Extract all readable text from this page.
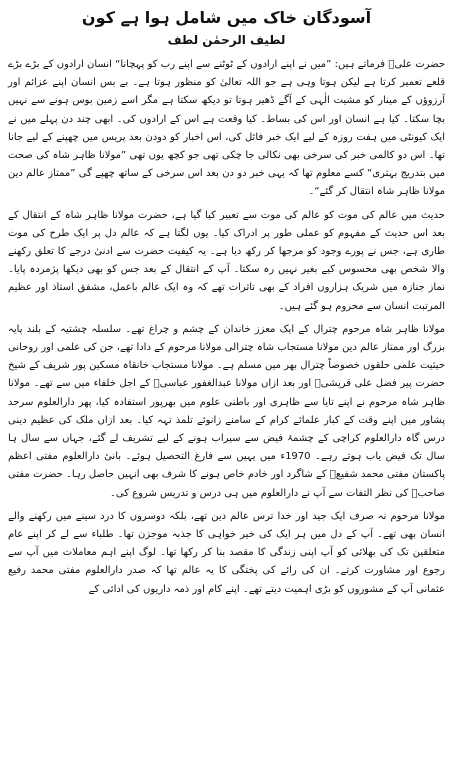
آسودگان خاک میں شامل ہوا ہے کون
لطیف الرحمٰن لطف

حضرت علیؓ فرماتے ہیں: ”میں نے اپنے ارادوں کے ٹوٹنے سے اپنے رب کو پہچانا“ انسان ارادوں کے بڑے بڑے قلعے تعمیر کرتا ہے لیکن ہوتا وہی ہے جو اللہ تعالیٰ کو منظور ہوتا ہے۔ بے بس انسان اپنے عزائم اور آرزوؤں کے مینار کو مشیت الٰہی کے آگے ڈھیر ہوتا تو دیکھ سکتا ہے مگر اسے زمین بوس ہونے سے نہیں بچا سکتا۔ کیا ہے انسان اور اس کی بساط۔ کیا وقعت ہے اس کے ارادوں کی۔ ابھی چند دن پہلے میں نے ایک کیونٹی میں ہفت روزہ کے لیے ایک خبر فائل کی، اس اخبار کو دودن بعد پریس میں چھپنے کے لیے جانا تھا۔ اس دو کالمی خبر کی سرخی بھی نکالی جا چکی تھی جو کچھ یوں تھی ”مولانا ظاہر شاہ کی صحت میں بتدریج بہتری“ کسے معلوم تھا کہ یہی خبر دو دن بعد اس سرخی کے ساتھ چھپے گی ”ممتاز عالم دین مولانا ظاہر شاہ انتقال کر گئے“۔

حدیث میں عالم کی موت کو عالم کی موت سے تعبیر کیا گیا ہے، حضرت مولانا ظاہر شاہ کے انتقال کے بعد اس حدیث کے مفہوم کو عملی طور پر ادراک کیا۔ یوں لگتا ہے کہ عالم دل پر ایک طرح کی موت طاری ہے، جس نے پورے وجود کو مرجھا کر رکھ دیا ہے۔ یہ کیفیت حضرت سے ادنیٰ درجے کا تعلق رکھنے والا شخص بھی محسوس کیے بغیر نہیں رہ سکتا۔ آپ کے انتقال کے بعد جس کو بھی دیکھا پژمردہ پایا۔ نماز جنازہ میں شریک ہزاروں افراد کے بھی تاثرات تھے کہ وہ ایک عالم باعمل، مشفق استاذ اور عظیم المرتبت انسان سے محروم ہو گئے ہیں۔

مولانا ظاہر شاہ مرحوم چترال کے ایک معزز خاندان کے چشم و چراغ تھے۔ سلسلہ چشتیہ کے بلند پایہ بزرگ اور ممتاز عالم دین مولانا مستجاب شاہ چترالی مولانا مرحوم کے دادا تھے، جن کی علمی اور روحانی حیثیت علمی حلقوں خصوصاً چترال بھر میں مسلم ہے۔ مولانا مستجاب خانقاہ مسکین پور شریف کے شیخ حضرت پیر فضل علی قریشیؒ اور بعد ازاں مولانا عبدالغفور عباسیؒ کے اجل خلفاء میں سے تھے۔ مولانا ظاہر شاہ مرحوم نے اپنے تایا سے ظاہری اور باطنی علوم میں بھرپور استفادہ کیا، پھر دارالعلوم سرحد پشاور میں اپنے وقت کے کبار علمائے کرام کے سامنے زانوئے تلمذ تہہ کیا۔ بعد ازاں ملک کی عظیم دینی درس گاہ دارالعلوم کراچی کے چشمۂ فیض سے سیراب ہونے کے لیے تشریف لے گئے، جہاں سے سال ہا سال تک فیض یاب ہوتے رہے۔ 1970ء میں یہیں سے فارغ التحصیل ہوئے۔ بانیٔ دارالعلوم مفتی اعظم پاکستان مفتی محمد شفیعؒ کے شاگرد اور خادم خاص ہونے کا شرف بھی انہیں حاصل رہا۔ حضرت مفتی صاحبؒ کی نظر التفات سے آپ نے دارالعلوم میں ہی درس و تدریس شروع کی۔

مولانا مرحوم نہ صرف ایک جید اور خدا ترس عالم دین تھے، بلکہ دوسروں کا درد سینے میں رکھنے والے انسان بھی تھے۔ آپ کے دل میں ہر ایک کی خیر خواہی کا جذبہ موجزن تھا۔ طلباء سے لے کر اپنے عام متعلقین تک کی بھلائی کو آپ اپنی زندگی کا مقصد بنا کر رکھا تھا۔ لوگ اپنے اہم معاملات میں آپ سے رجوع اور مشاورت کرتے۔ ان کی رائے کی پختگی کا یہ عالم تھا کہ صدر دارالعلوم مفتی محمد رفیع عثمانی آپ کے مشوروں کو بڑی اہمیت دیتے تھے۔ اپنے کام اور ذمہ داریوں کی ادائی کے
